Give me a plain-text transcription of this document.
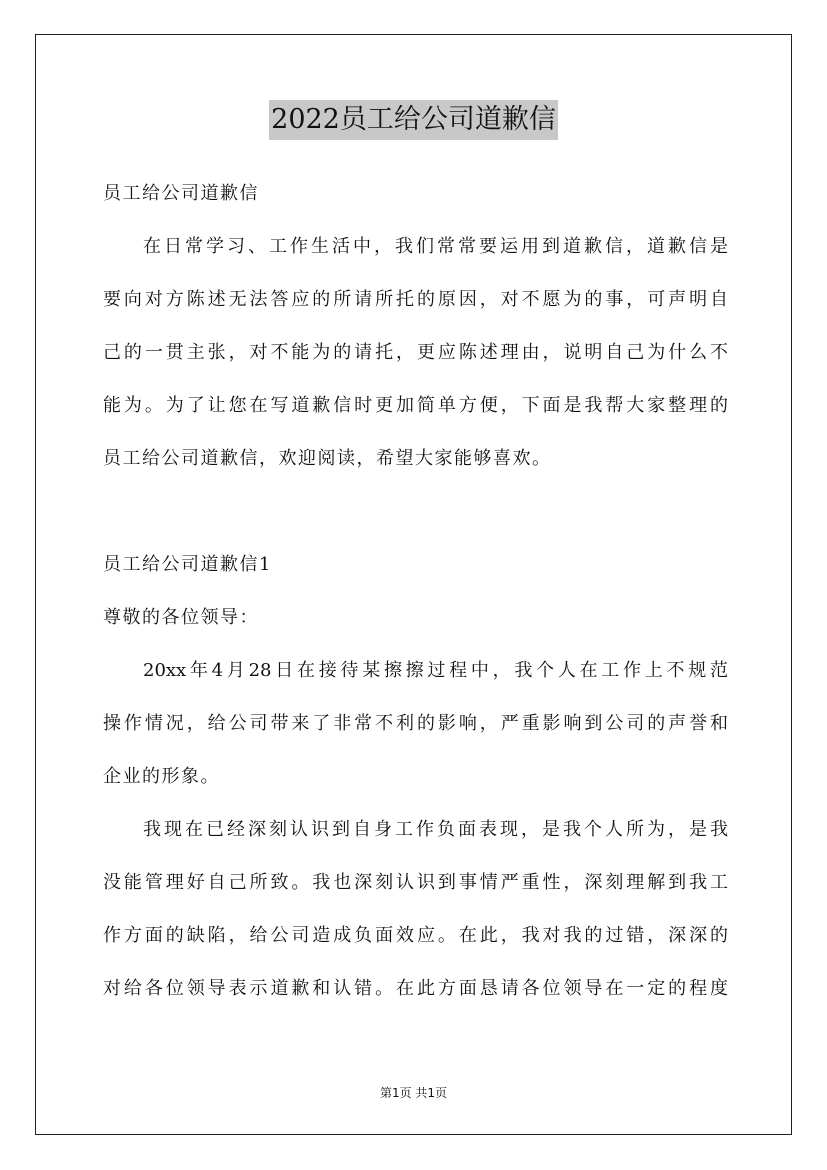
2022员工给公司道歉信
员工给公司道歉信
在日常学习、工作生活中，我们常常要运用到道歉信，道歉信是
要向对方陈述无法答应的所请所托的原因，对不愿为的事，可声明自
己的一贯主张，对不能为的请托，更应陈述理由，说明自己为什么不
能为。为了让您在写道歉信时更加简单方便，下面是我帮大家整理的
员工给公司道歉信，欢迎阅读，希望大家能够喜欢。
员工给公司道歉信1
尊敬的各位领导：
20xx年4月28日在接待某擦擦过程中，我个人在工作上不规范
操作情况，给公司带来了非常不利的影响，严重影响到公司的声誉和
企业的形象。
我现在已经深刻认识到自身工作负面表现，是我个人所为，是我
没能管理好自己所致。我也深刻认识到事情严重性，深刻理解到我工
作方面的缺陷，给公司造成负面效应。在此，我对我的过错，深深的
对给各位领导表示道歉和认错。在此方面恳请各位领导在一定的程度
第1页 共1页
